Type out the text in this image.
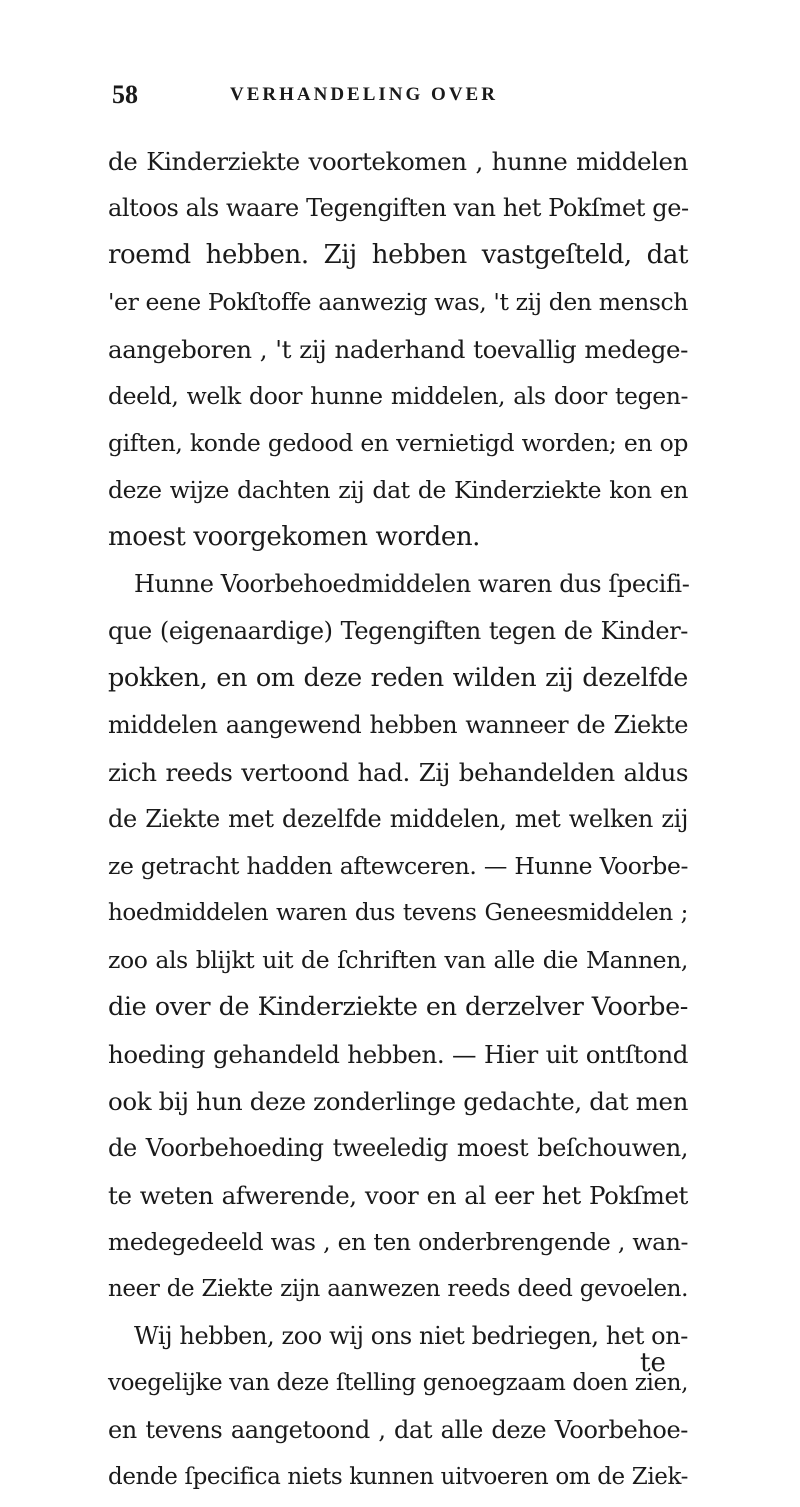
58	VERHANDELING OVER
de Kinderziekte voortekomen , hunne middelen
altoos als waare Tegengiften van het Pokſmet ge-
roemd hebben. Zij hebben vastgeſteld, dat
'er eene Pokſtoffe aanwezig was, 't zij den mensch
aangeboren , 't zij naderhand toevallig medege-
deeld, welk door hunne middelen, als door tegen-
giften, konde gedood en vernietigd worden; en op
deze wijze dachten zij dat de Kinderziekte kon en
moest voorgekomen worden.
Hunne Voorbehoedmiddelen waren dus ſpecifi-
que (eigenaardige) Tegengiften tegen de Kinder-
pokken, en om deze reden wilden zij dezelfde
middelen aangewend hebben wanneer de Ziekte
zich reeds vertoond had. Zij behandelden aldus
de Ziekte met dezelfde middelen, met welken zij
ze getracht hadden aftewceren. — Hunne Voorbe-
hoedmiddelen waren dus tevens Geneesmiddelen ;
zoo als blijkt uit de ſchriften van alle die Mannen,
die over de Kinderziekte en derzelver Voorbe-
hoeding gehandeld hebben. — Hier uit ontſtond
ook bij hun deze zonderlinge gedachte, dat men
de Voorbehoeding tweeledig moest beſchouwen,
te weten afwerende, voor en al eer het Pokſmet
medegedeeld was , en ten onderbrengende , wan-
neer de Ziekte zijn aanwezen reeds deed gevoelen.
Wij hebben, zoo wij ons niet bedriegen, het on-
voegelijke van deze ſtelling genoegzaam doen zien,
en tevens aangetoond , dat alle deze Voorbehoe-
dende ſpecifica niets kunnen uitvoeren om de Ziek-
te
